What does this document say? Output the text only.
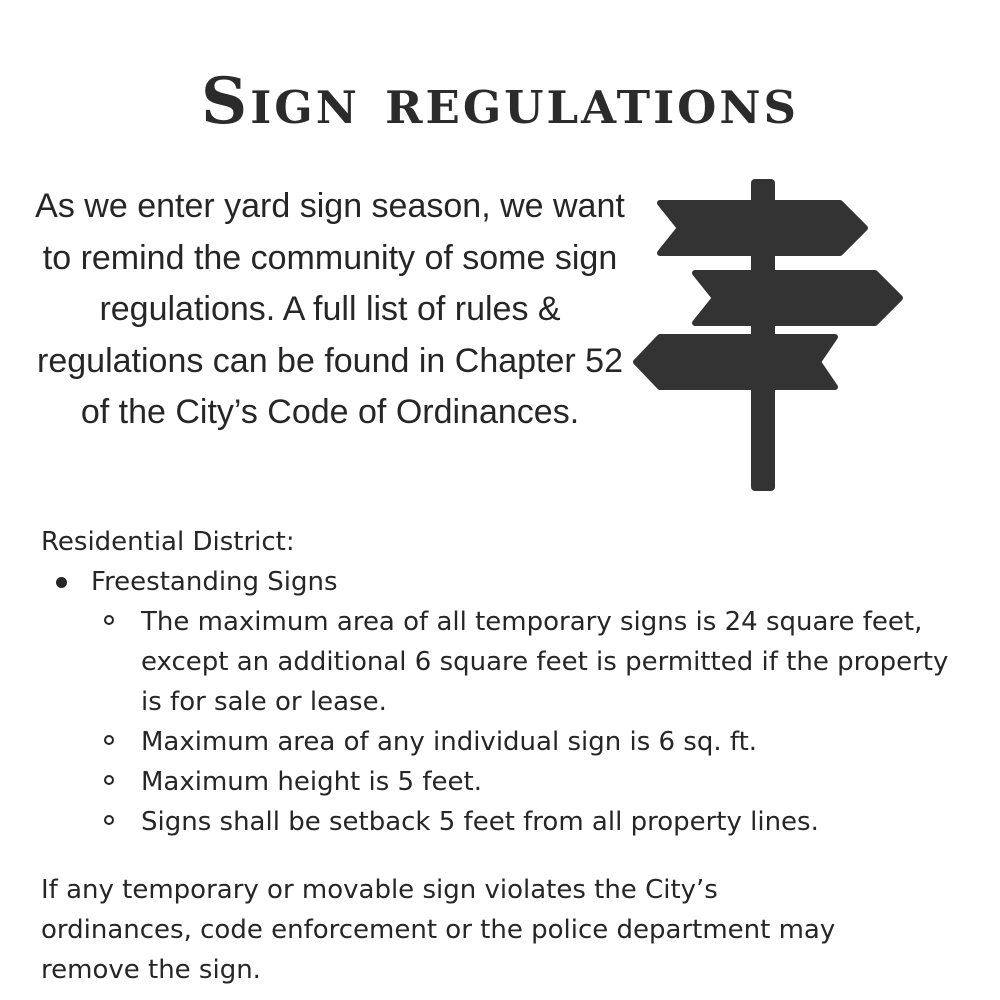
Sign regulations
As we enter yard sign season, we want to remind the community of some sign regulations. A full list of rules & regulations can be found in Chapter 52 of the City’s Code of Ordinances.
Residential District:
Freestanding Signs
The maximum area of all temporary signs is 24 square feet, except an additional 6 square feet is permitted if the property is for sale or lease.
Maximum area of any individual sign is 6 sq. ft.
Maximum height is 5 feet.
Signs shall be setback 5 feet from all property lines.
If any temporary or movable sign violates the City’s ordinances, code enforcement or the police department may remove the sign.
